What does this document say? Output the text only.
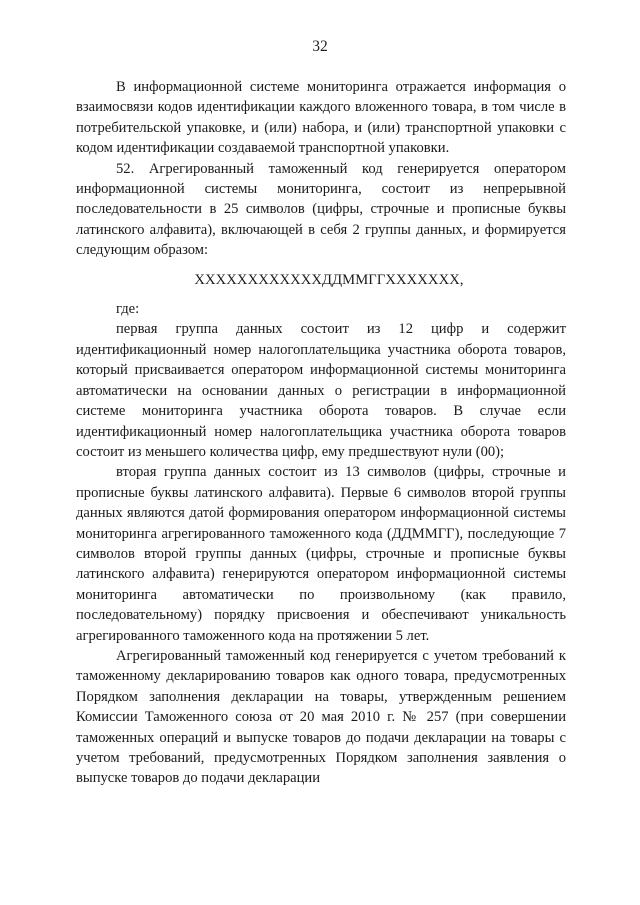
32

В информационной системе мониторинга отражается информация о взаимосвязи кодов идентификации каждого вложенного товара, в том числе в потребительской упаковке, и (или) набора, и (или) транспортной упаковки с кодом идентификации создаваемой транспортной упаковки.

52. Агрегированный таможенный код генерируется оператором информационной системы мониторинга, состоит из непрерывной последовательности в 25 символов (цифры, строчные и прописные буквы латинского алфавита), включающей в себя 2 группы данных, и формируется следующим образом:

ХХХХХХХХХХХХДДММГГХХХХХХХ,

где:

первая группа данных состоит из 12 цифр и содержит идентификационный номер налогоплательщика участника оборота товаров, который присваивается оператором информационной системы мониторинга автоматически на основании данных о регистрации в информационной системе мониторинга участника оборота товаров. В случае если идентификационный номер налогоплательщика участника оборота товаров состоит из меньшего количества цифр, ему предшествуют нули (00);

вторая группа данных состоит из 13 символов (цифры, строчные и прописные буквы латинского алфавита). Первые 6 символов второй группы данных являются датой формирования оператором информационной системы мониторинга агрегированного таможенного кода (ДДММГГ), последующие 7 символов второй группы данных (цифры, строчные и прописные буквы латинского алфавита) генерируются оператором информационной системы мониторинга автоматически по произвольному (как правило, последовательному) порядку присвоения и обеспечивают уникальность агрегированного таможенного кода на протяжении 5 лет.

Агрегированный таможенный код генерируется с учетом требований к таможенному декларированию товаров как одного товара, предусмотренных Порядком заполнения декларации на товары, утвержденным решением Комиссии Таможенного союза от 20 мая 2010 г. № 257 (при совершении таможенных операций и выпуске товаров до подачи декларации на товары с учетом требований, предусмотренных Порядком заполнения заявления о выпуске товаров до подачи декларации
